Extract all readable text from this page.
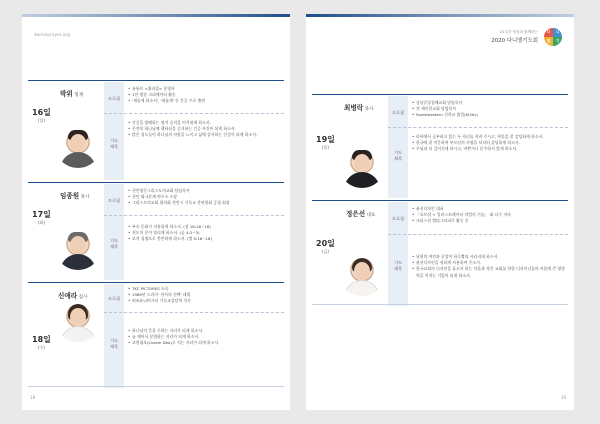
danielprayer.org
박위 형제
16일
(일)
프로필
• 유튜브 <위라클> 운영자
• 1인 방송 크리에이터 활동
• '새롭게 하소서', '새롭게' 등 간증 프로 출연
기도
제목
• 간증을 방해하는 영적 공격을 이겨내게 하소서.
• 온전히 하나님께 행하심을 증거하는 간증 사건이 되게 하소서.
• 많은 성도들이 하나님의 사랑을 느끼고 삶에 감사하는 간증이 되게 하소서.
임종원 목사
17일
(화)
프로필
• 천안명문그리스도의교회 담임목사
• 천안 외국문제 연구소 소장
• 그리스도의교회 협의회 천안시 기독교 총연합회 증경 회장
기도
제목
• 부속 문화가 지유되게 하소서. (창 16:16~18)
• 천도의 문이 열리게 하소서. (골 4:2~3)
• 모직 성령으로 충만하게 하소서. (엡 5:16~18)
신애라 집사
18일
(수)
프로필
• TKC PICTURES 소속
• 1989년 드라마 '천사의 선택' 데뷔
• 허조유니버시티 기독교상담학 석사
기도
제목
• 하나님의 뜻을 구하는 자녀가 되게 하소서.
• 늘 깨어서 분별하는 자녀가 되게 하소서.
• 코람데오(Coram Deo)로 서는 자녀가 되게 하소서.
18
21일간 영성과 함께하는
2020 다니엘기도회
다	니
엘	기
최병락 목사
19일
(목)
프로필
• 강남중앙침례교회 담임목사
• 전 세미한교회 담임목사
• Southwestern 신학교 졸업(M.Div)
기도
제목
• 타학에서 공부하고 있는 두 자녀를 지켜 주시고, 학업을 잘 감당하게 하소서.
• 한국에 잘 적응하여 부르심의 사명을 넉넉히 감당하게 하소서.
• 주님과 더 깊어지게 하시고, 바쁜거나 분주하지 않게 하소서.
정은선 대표
20일
(금)
프로필
• 윤선디자인 대표
• 「포토샵 + 일러스트레이터 작업의 기술」 외 다수 저자
• 크리스천 캘리그라퍼로 활동 중
기도
제목
• 남편의 여전과 중앙이 하루빨리 사라지게 하소서.
• 윤선디자인을 귀하게 사용하여 주소서.
• 한국교회의 디자인을 돕고자 하는 마음과 작은 교회를 향한 디자이너들의 마음에 큰 영향력을 끼치는 기업이 되게 하소서.
19
